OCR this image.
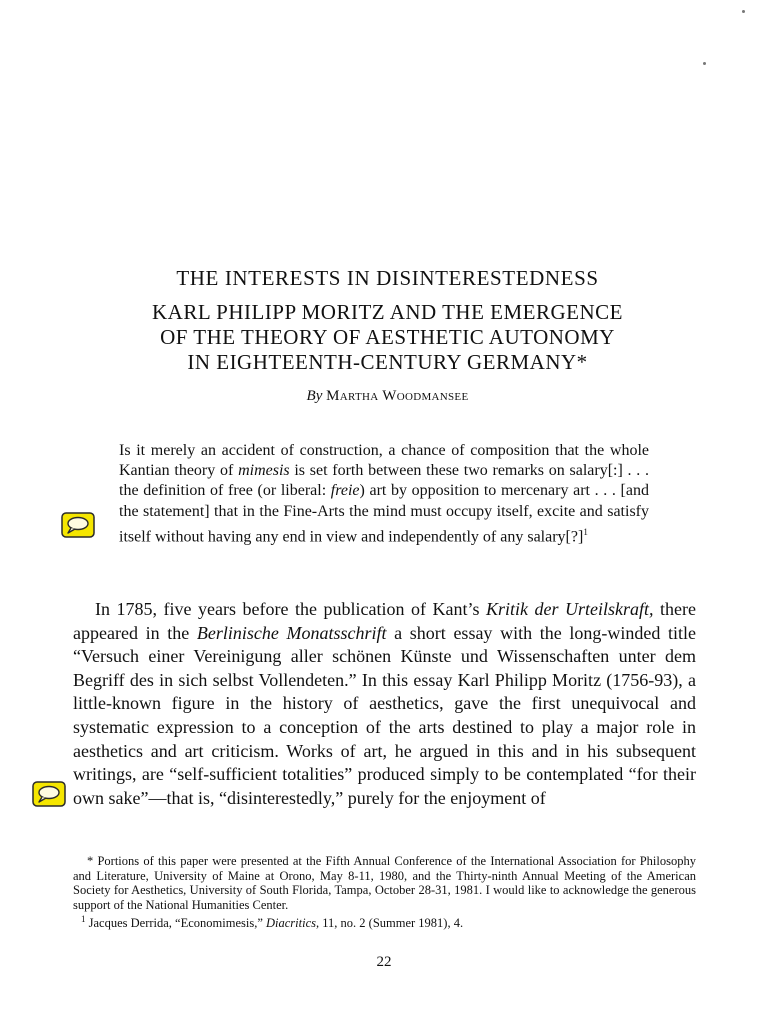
THE INTERESTS IN DISINTERESTEDNESS
KARL PHILIPP MORITZ AND THE EMERGENCE
OF THE THEORY OF AESTHETIC AUTONOMY
IN EIGHTEENTH-CENTURY GERMANY*
By Martha Woodmansee

Is it merely an accident of construction, a chance of composition that the whole Kantian theory of mimesis is set forth between these two remarks on salary[:] . . . the definition of free (or liberal: freie) art by opposition to mercenary art . . . [and the statement] that in the Fine-Arts the mind must occupy itself, excite and satisfy itself without having any end in view and independently of any salary[?]$^1$

In 1785, five years before the publication of Kant’s Kritik der Urteilskraft, there appeared in the Berlinische Monatsschrift a short essay with the long-winded title “Versuch einer Vereinigung aller schönen Künste und Wissenschaften unter dem Begriff des in sich selbst Vollendeten.” In this essay Karl Philipp Moritz (1756-93), a little-known figure in the history of aesthetics, gave the first unequivocal and systematic expression to a conception of the arts destined to play a major role in aesthetics and art criticism. Works of art, he argued in this and in his subsequent writings, are “self-sufficient totalities” produced simply to be contemplated “for their own sake”—that is, “disinterestedly,” purely for the enjoyment of

* Portions of this paper were presented at the Fifth Annual Conference of the International Association for Philosophy and Literature, University of Maine at Orono, May 8-11, 1980, and the Thirty-ninth Annual Meeting of the American Society for Aesthetics, University of South Florida, Tampa, October 28-31, 1981. I would like to acknowledge the generous support of the National Humanities Center.

$^1$ Jacques Derrida, “Economimesis,” Diacritics, 11, no. 2 (Summer 1981), 4.

22
